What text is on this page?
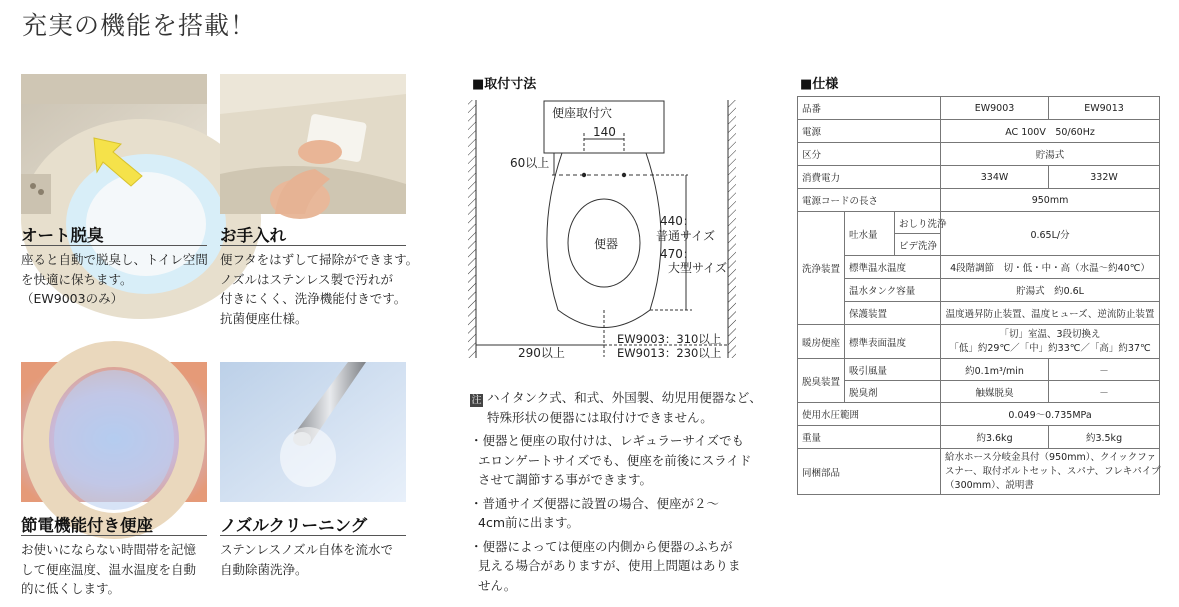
充実の機能を搭載！
オート脱臭
座ると自動で脱臭し、トイレ空間
を快適に保ちます。
（EW9003のみ）
お手入れ
便フタをはずして掃除ができます。
ノズルはステンレス製で汚れが
付きにくく、洗浄機能付きです。
抗菌便座仕様。
節電機能付き便座
お使いにならない時間帯を記憶
して便座温度、温水温度を自動
的に低くします。
ノズルクリーニング
ステンレスノズル自体を流水で
自動除菌洗浄。
■取付寸法
便座取付穴
140
便器
60以上
440：
普通サイズ
470：
大型サイズ
290以上
EW9003：310以上
EW9013：230以上
注 ハイタンク式、和式、外国製、幼児用便器など、
特殊形状の便器には取付けできません。
・便器と便座の取付けは、レギュラーサイズでも
エロンゲートサイズでも、便座を前後にスライド
させて調節する事ができます。
・普通サイズ便器に設置の場合、便座が２～
4cm前に出ます。
・便器によっては便座の内側から便器のふちが
見える場合がありますが、使用上問題はありま
せん。
■仕様
品番			EW9003	EW9013
電源			AC 100V　50/60Hz	
区分			貯湯式	
消費電力			334W	332W
電源コードの長さ			950mm	
洗浄装置	吐水量	おしり洗浄	0.65L/分	
		ビデ洗浄		
	標準温水温度		4段階調節　切・低・中・高（水温～約40℃）	
	温水タンク容量		貯湯式　約0.6L	
	保護装置		温度過昇防止装置、温度ヒューズ、逆流防止装置	
暖房便座	標準表面温度		「切」室温、3段切換え
「低」約29℃／「中」約33℃／「高」約37℃	

脱臭装置	吸引風量		約0.1m³/min	－
	脱臭剤		触媒脱臭	－
使用水圧範囲			0.049～0.735MPa	
重量			約3.6kg	約3.5kg
同梱部品			給水ホース分岐金具付（950mm）、クイックファ
スナー、取付ボルトセット、スパナ、フレキパイプ
（300mm）、説明書	
